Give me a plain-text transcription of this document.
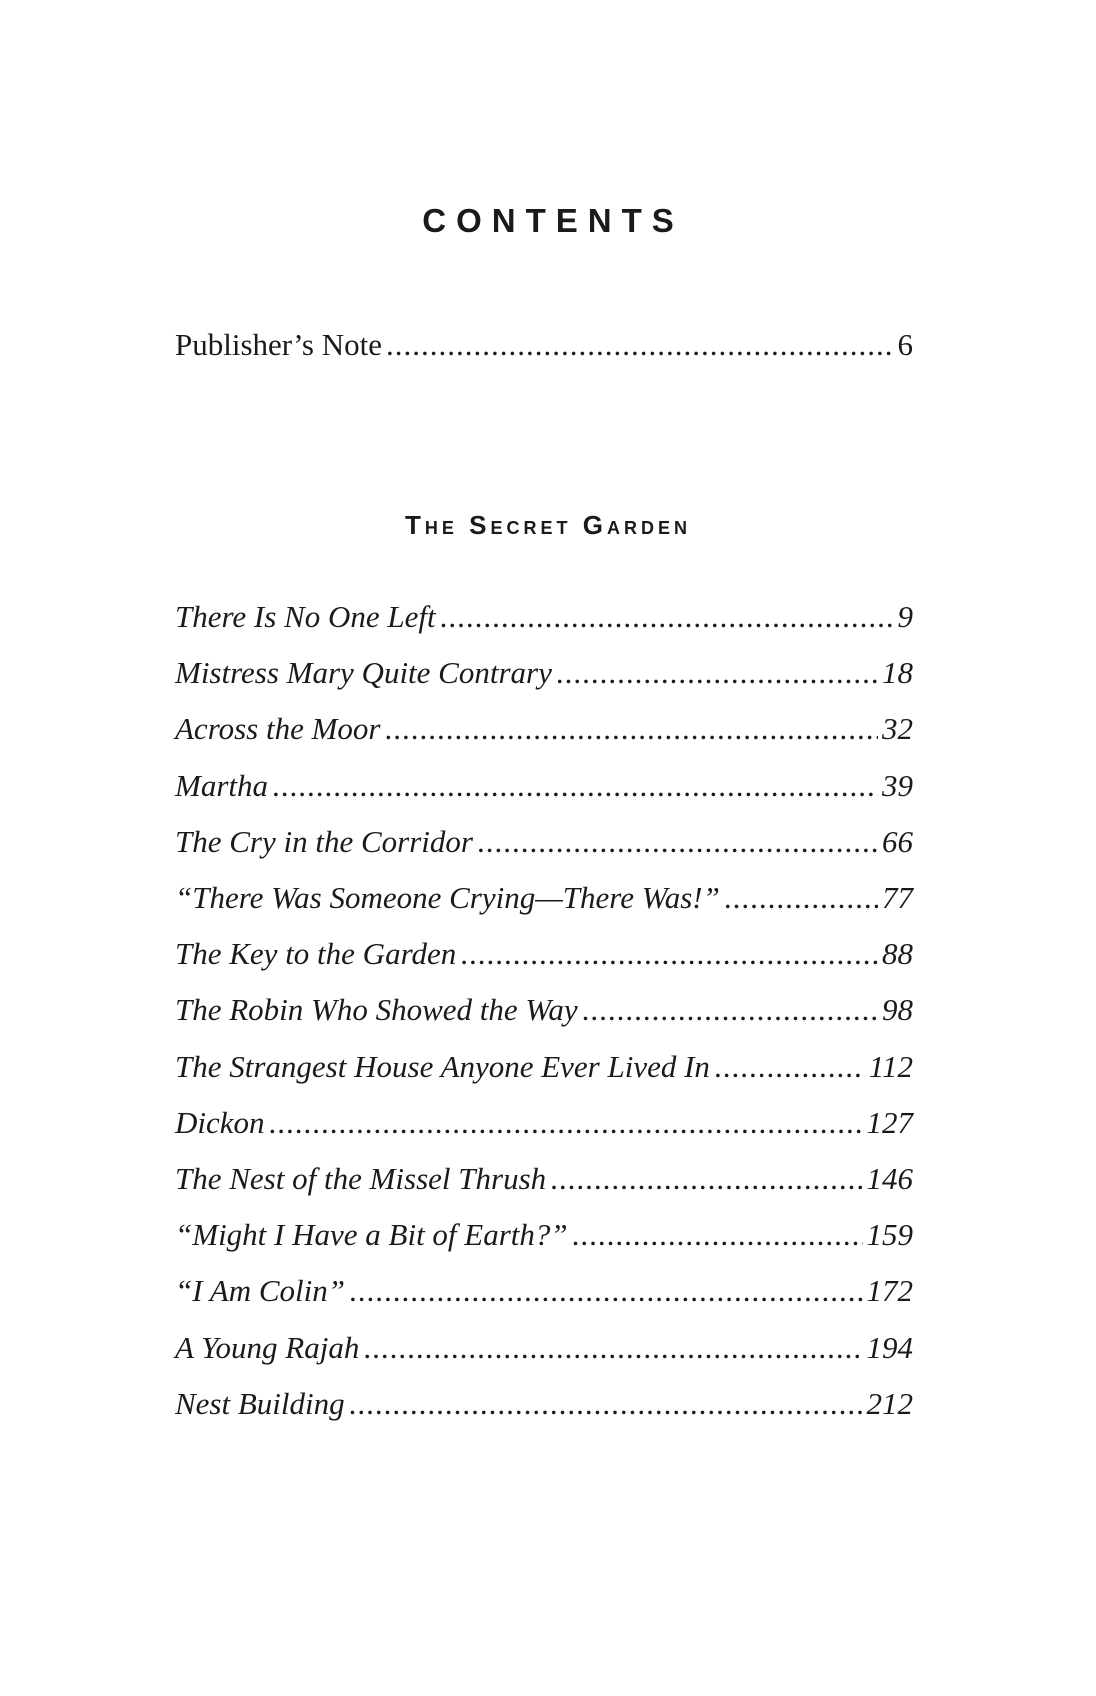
CONTENTS
Publisher’s Note .....	6
The Secret Garden
There Is No One Left .....	9
Mistress Mary Quite Contrary .....	18
Across the Moor .....	32
Martha .....	39
The Cry in the Corridor .....	66
“There Was Someone Crying—There Was!” .....	77
The Key to the Garden .....	88
The Robin Who Showed the Way .....	98
The Strangest House Anyone Ever Lived In .....	112
Dickon .....	127
The Nest of the Missel Thrush .....	146
“Might I Have a Bit of Earth?” .....	159
“I Am Colin” .....	172
A Young Rajah .....	194
Nest Building .....	212
